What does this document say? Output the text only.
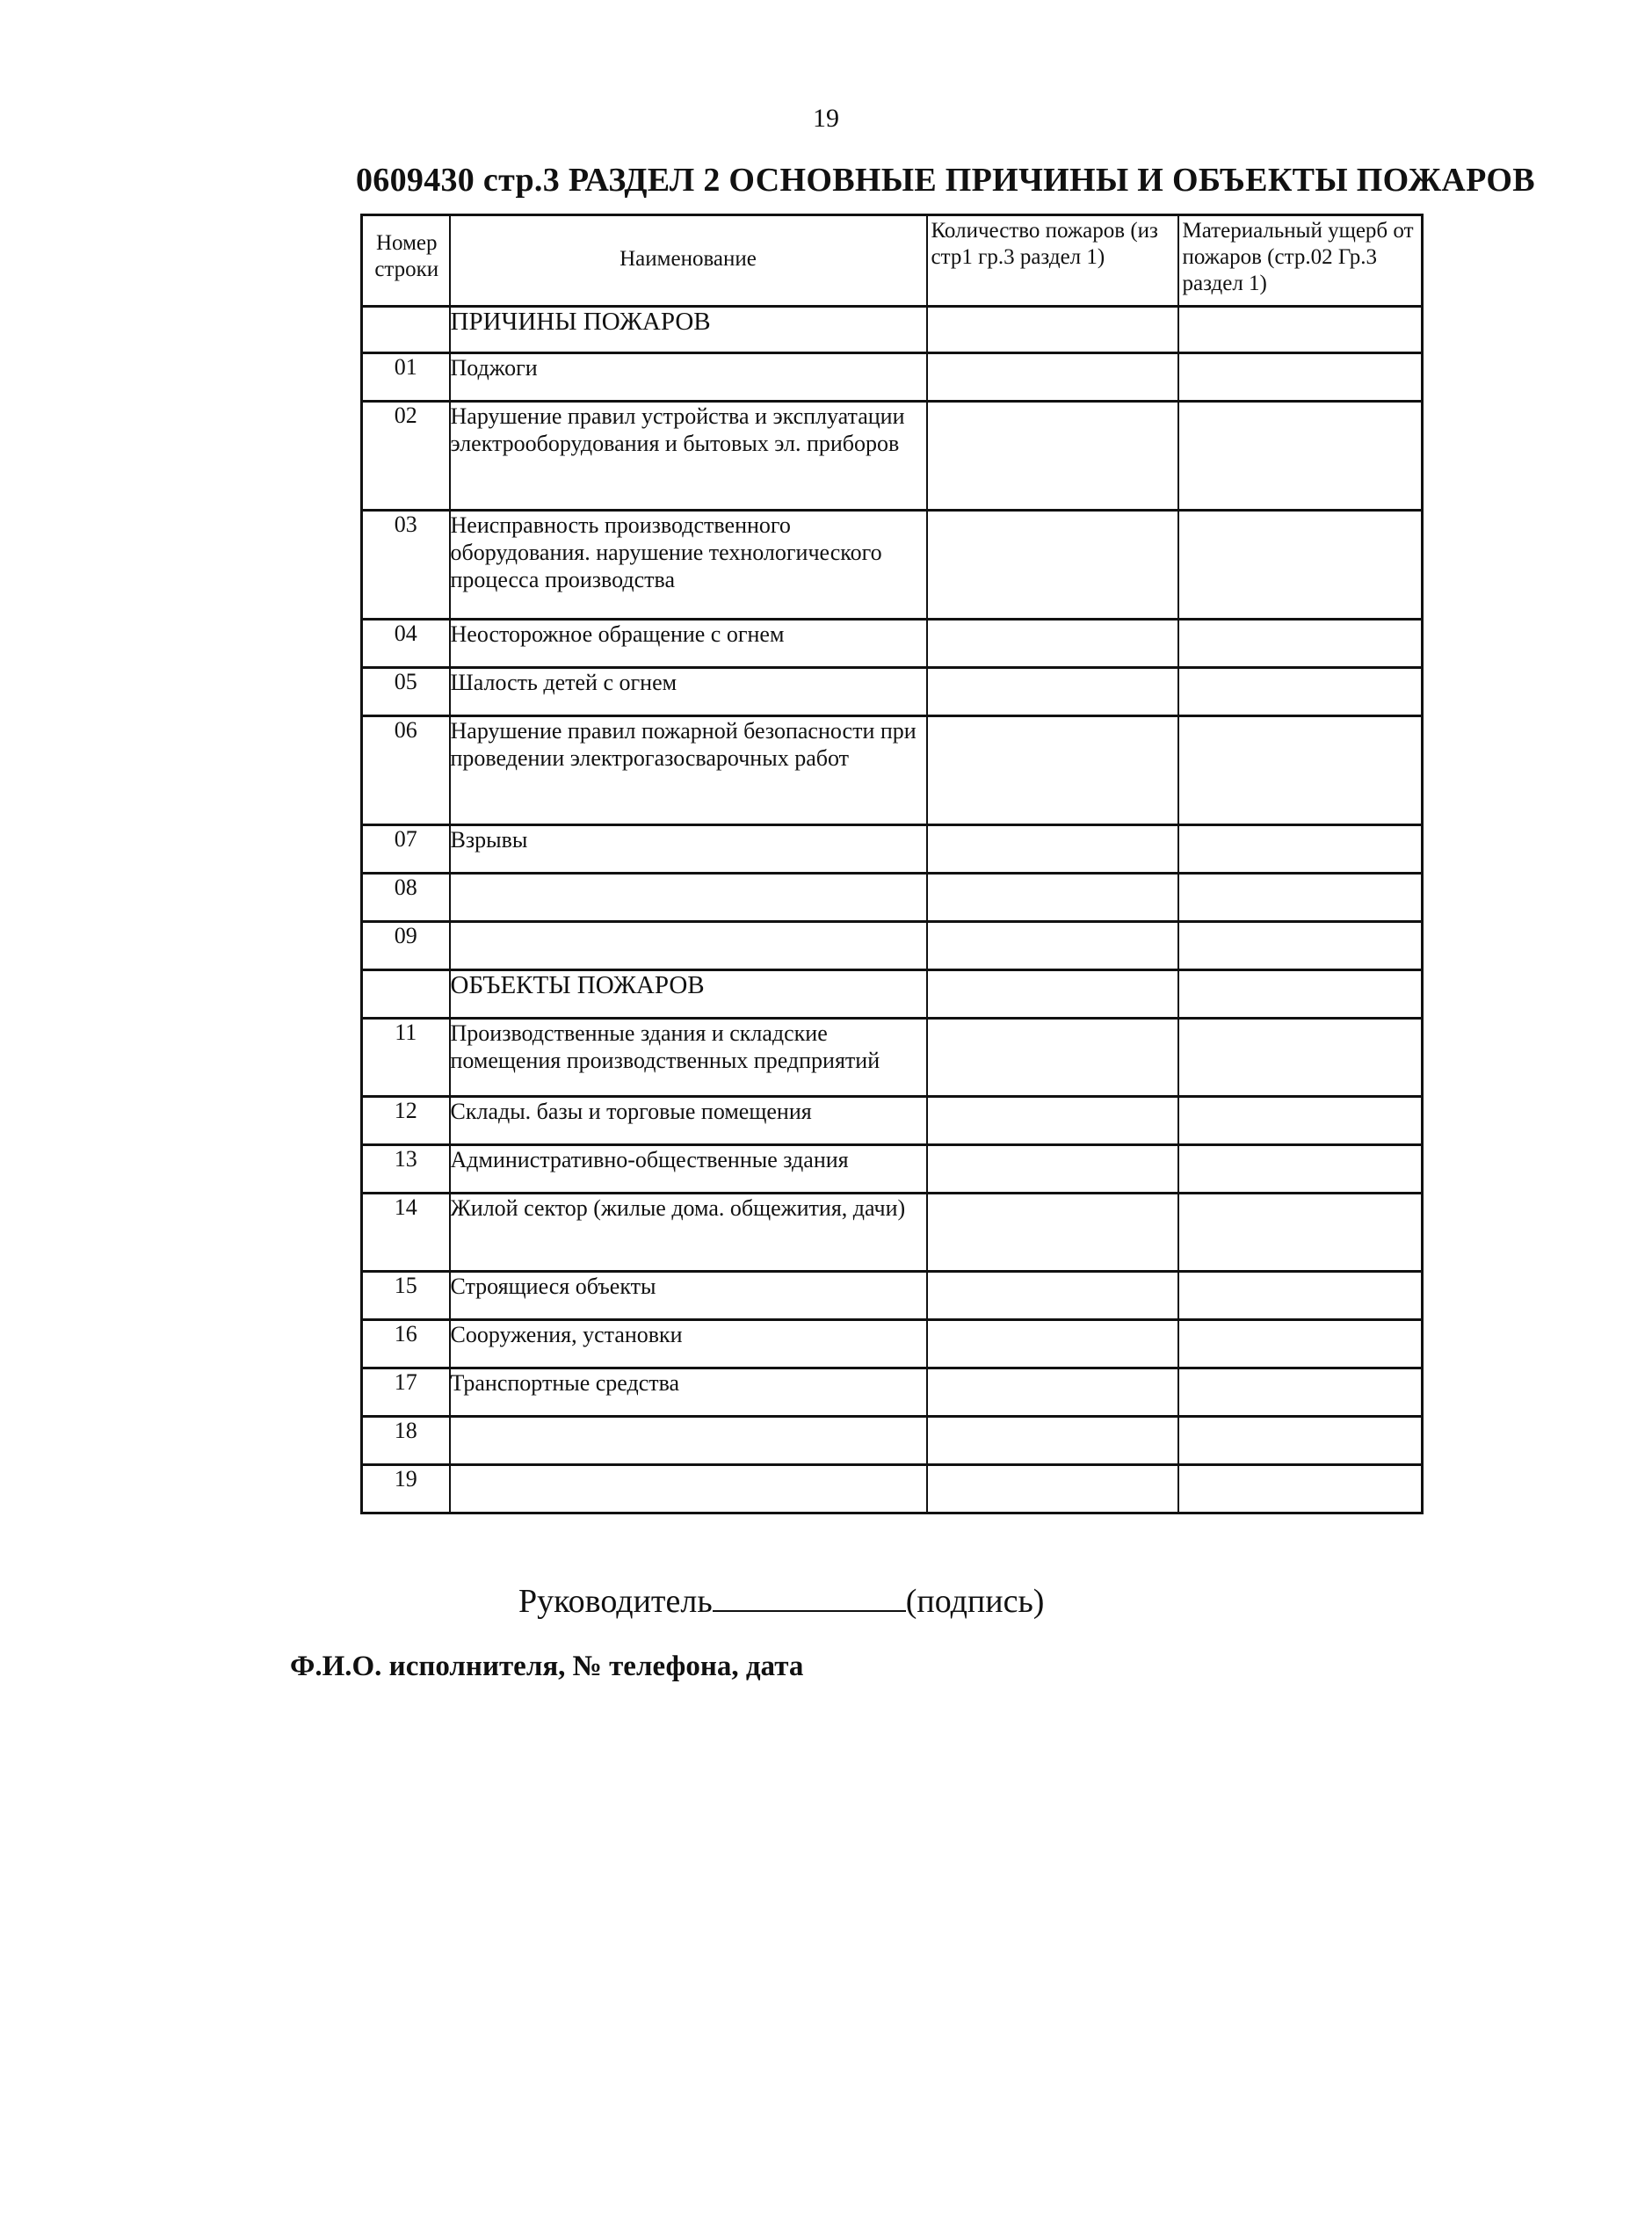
19
0609430 стр.3 РАЗДЕЛ 2 ОСНОВНЫЕ ПРИЧИНЫ И ОБЪЕКТЫ ПОЖАРОВ
Номер строки	Наименование	Количество пожаров (из стр1 гр.3 раздел 1)	Материальный ущерб от пожаров (стр.02 Гр.3 раздел 1)
	ПРИЧИНЫ ПОЖАРОВ		
01	Поджоги		
02	Нарушение правил устройства и эксплуатации электрооборудования и бытовых эл. приборов		
03	Неисправность производственного оборудования. нарушение технологического процесса производства		
04	Неосторожное обращение с огнем		
05	Шалость детей с огнем		
06	Нарушение правил пожарной безопасности при проведении электрогазосварочных работ		
07	Взрывы		
08			
09			
	ОБЪЕКТЫ ПОЖАРОВ		
11	Производственные здания и складские помещения производственных предприятий		
12	Склады. базы и торговые помещения		
13	Административно-общественные здания		
14	Жилой сектор (жилые дома. общежития, дачи)		
15	Строящиеся объекты		
16	Сооружения, установки		
17	Транспортные средства		
18			
19			
Руководитель	(подпись)
Ф.И.О. исполнителя, № телефона, дата
